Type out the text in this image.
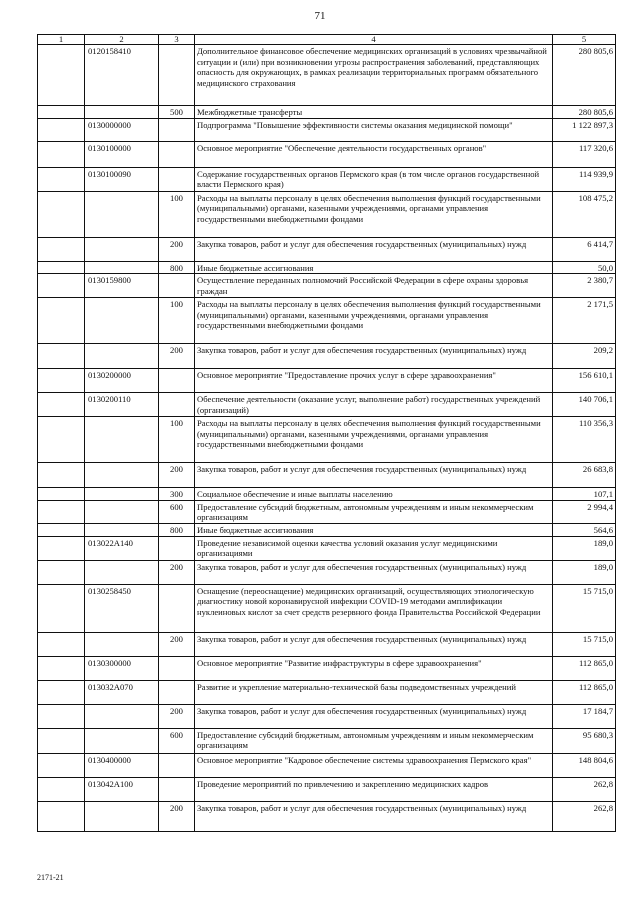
71
1	2	3	4	5
	0120158410		Дополнительное финансовое обеспечение медицинских организаций в условиях чрезвычайной ситуации и (или) при возникновении угрозы распространения заболеваний, представляющих опасность для окружающих, в рамках реализации территориальных программ обязательного медицинского страхования	280 805,6
		500	Межбюджетные трансферты	280 805,6
	0130000000		Подпрограмма "Повышение эффективности системы оказания медицинской помощи"	1 122 897,3
	0130100000		Основное мероприятие "Обеспечение деятельности государственных органов"	117 320,6
	0130100090		Содержание государственных органов Пермского края (в том числе органов государственной власти Пермского края)	114 939,9
		100	Расходы на выплаты персоналу в целях обеспечения выполнения функций государственными (муниципальными) органами, казенными учреждениями, органами управления государственными внебюджетными фондами	108 475,2
		200	Закупка товаров, работ и услуг для обеспечения государственных (муниципальных) нужд	6 414,7
		800	Иные бюджетные ассигнования	50,0
	0130159800		Осуществление переданных полномочий Российской Федерации в сфере охраны здоровья граждан	2 380,7
		100	Расходы на выплаты персоналу в целях обеспечения выполнения функций государственными (муниципальными) органами, казенными учреждениями, органами управления государственными внебюджетными фондами	2 171,5
		200	Закупка товаров, работ и услуг для обеспечения государственных (муниципальных) нужд	209,2
	0130200000		Основное мероприятие "Предоставление прочих услуг в сфере здравоохранения"	156 610,1
	0130200110		Обеспечение деятельности (оказание услуг, выполнение работ) государственных учреждений (организаций)	140 706,1
		100	Расходы на выплаты персоналу в целях обеспечения выполнения функций государственными (муниципальными) органами, казенными учреждениями, органами управления государственными внебюджетными фондами	110 356,3
		200	Закупка товаров, работ и услуг для обеспечения государственных (муниципальных) нужд	26 683,8
		300	Социальное обеспечение и иные выплаты населению	107,1
		600	Предоставление субсидий бюджетным, автономным учреждениям и иным некоммерческим организациям	2 994,4
		800	Иные бюджетные ассигнования	564,6
	013022А140		Проведение независимой оценки качества условий оказания услуг медицинскими организациями	189,0
		200	Закупка товаров, работ и услуг для обеспечения государственных (муниципальных) нужд	189,0
	0130258450		Оснащение (переоснащение) медицинских организаций, осуществляющих этиологическую диагностику новой коронавирусной инфекции COVID-19 методами амплификации нуклеиновых кислот за счет средств резервного фонда Правительства Российской Федерации	15 715,0
		200	Закупка товаров, работ и услуг для обеспечения государственных (муниципальных) нужд	15 715,0
	0130300000		Основное мероприятие "Развитие инфраструктуры в сфере здравоохранения"	112 865,0
	013032А070		Развитие и укрепление материально-технической базы подведомственных учреждений	112 865,0
		200	Закупка товаров, работ и услуг для обеспечения государственных (муниципальных) нужд	17 184,7
		600	Предоставление субсидий бюджетным, автономным учреждениям и иным некоммерческим организациям	95 680,3
	0130400000		Основное мероприятие "Кадровое обеспечение системы здравоохранения Пермского края"	148 804,6
	013042А100		Проведение мероприятий по привлечению и закреплению медицинских кадров	262,8
		200	Закупка товаров, работ и услуг для обеспечения государственных (муниципальных) нужд	262,8
2171-21
